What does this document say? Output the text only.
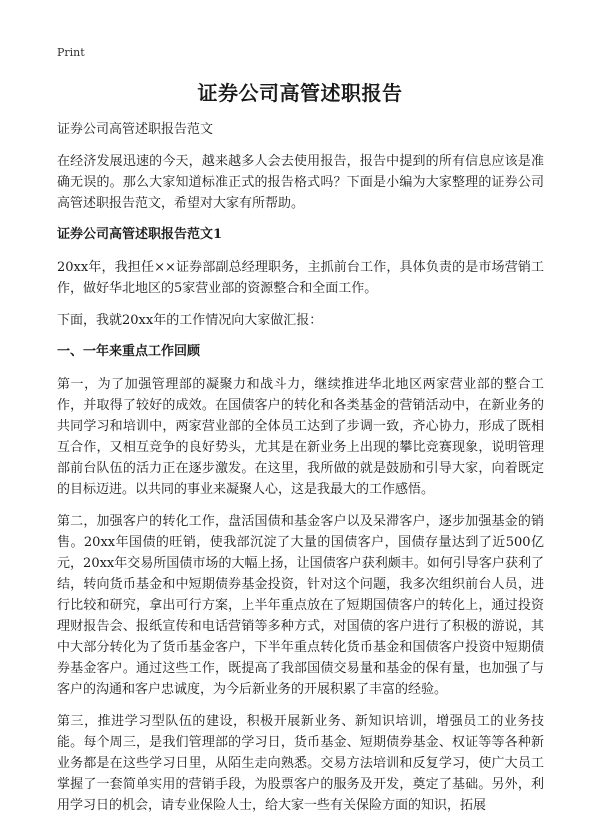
Print
证券公司高管述职报告

证券公司高管述职报告范文

在经济发展迅速的今天，越来越多人会去使用报告，报告中提到的所有信息应该是准确无误的。那么大家知道标准正式的报告格式吗？下面是小编为大家整理的证券公司高管述职报告范文，希望对大家有所帮助。

证券公司高管述职报告范文1

20xx年，我担任××证券部副总经理职务，主抓前台工作，具体负责的是市场营销工作，做好华北地区的5家营业部的资源整合和全面工作。

下面，我就20xx年的工作情况向大家做汇报：

一、一年来重点工作回顾

第一，为了加强管理部的凝聚力和战斗力，继续推进华北地区两家营业部的整合工作，并取得了较好的成效。在国债客户的转化和各类基金的营销活动中，在新业务的共同学习和培训中，两家营业部的全体员工达到了步调一致，齐心协力，形成了既相互合作，又相互竞争的良好势头，尤其是在新业务上出现的攀比竞赛现象，说明管理部前台队伍的活力正在逐步激发。在这里，我所做的就是鼓励和引导大家，向着既定的目标迈进。以共同的事业来凝聚人心，这是我最大的工作感悟。

第二，加强客户的转化工作，盘活国债和基金客户以及呆滞客户，逐步加强基金的销售。20xx年国债的旺销，使我部沉淀了大量的国债客户，国债存量达到了近500亿元，20xx年交易所国债市场的大幅上扬，让国债客户获利颇丰。如何引导客户获利了结，转向货币基金和中短期债券基金投资，针对这个问题，我多次组织前台人员，进行比较和研究，拿出可行方案，上半年重点放在了短期国债客户的转化上，通过投资理财报告会、报纸宣传和电话营销等多种方式，对国债的客户进行了积极的游说，其中大部分转化为了货币基金客户，下半年重点转化货币基金和国债客户投资中短期债券基金客户。通过这些工作，既提高了我部国债交易量和基金的保有量，也加强了与客户的沟通和客户忠诚度，为今后新业务的开展积累了丰富的经验。

第三，推进学习型队伍的建设，积极开展新业务、新知识培训，增强员工的业务技能。每个周三，是我们管理部的学习日，货币基金、短期债券基金、权证等等各种新业务都是在这些学习日里，从陌生走向熟悉。交易方法培训和反复学习，使广大员工掌握了一套简单实用的营销手段，为股票客户的服务及开发，奠定了基础。另外，利用学习日的机会，请专业保险人士，给大家一些有关保险方面的知识，拓展
